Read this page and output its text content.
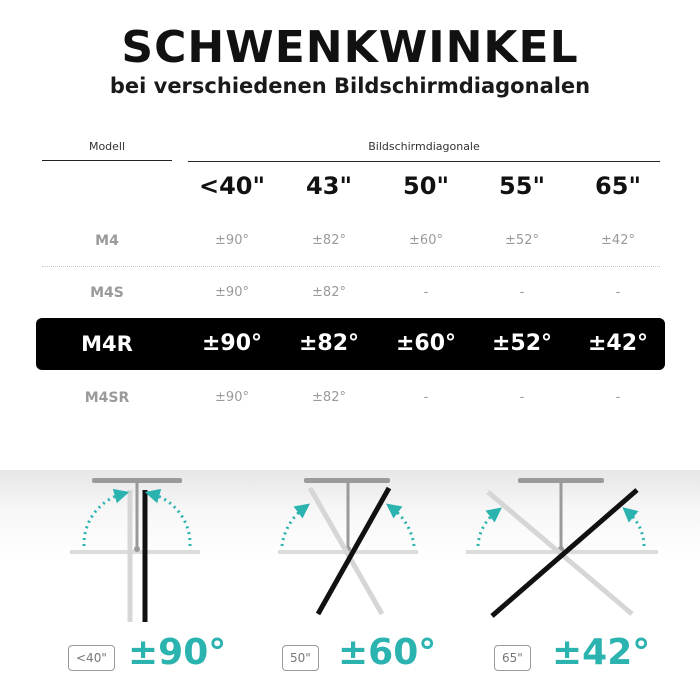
SCHWENKWINKEL
bei verschiedenen Bildschirmdiagonalen
Modell	Bildschirmdiagonale
<40"	43"	50"	55"	65"
M4	±90°	±82°	±60°	±52°	±42°
M4S	±90°	±82°	-	-	-
M4R	±90°	±82°	±60°	±52°	±42°
M4SR	±90°	±82°	-	-	-
<40" ±90°	50" ±60°	65" ±42°
